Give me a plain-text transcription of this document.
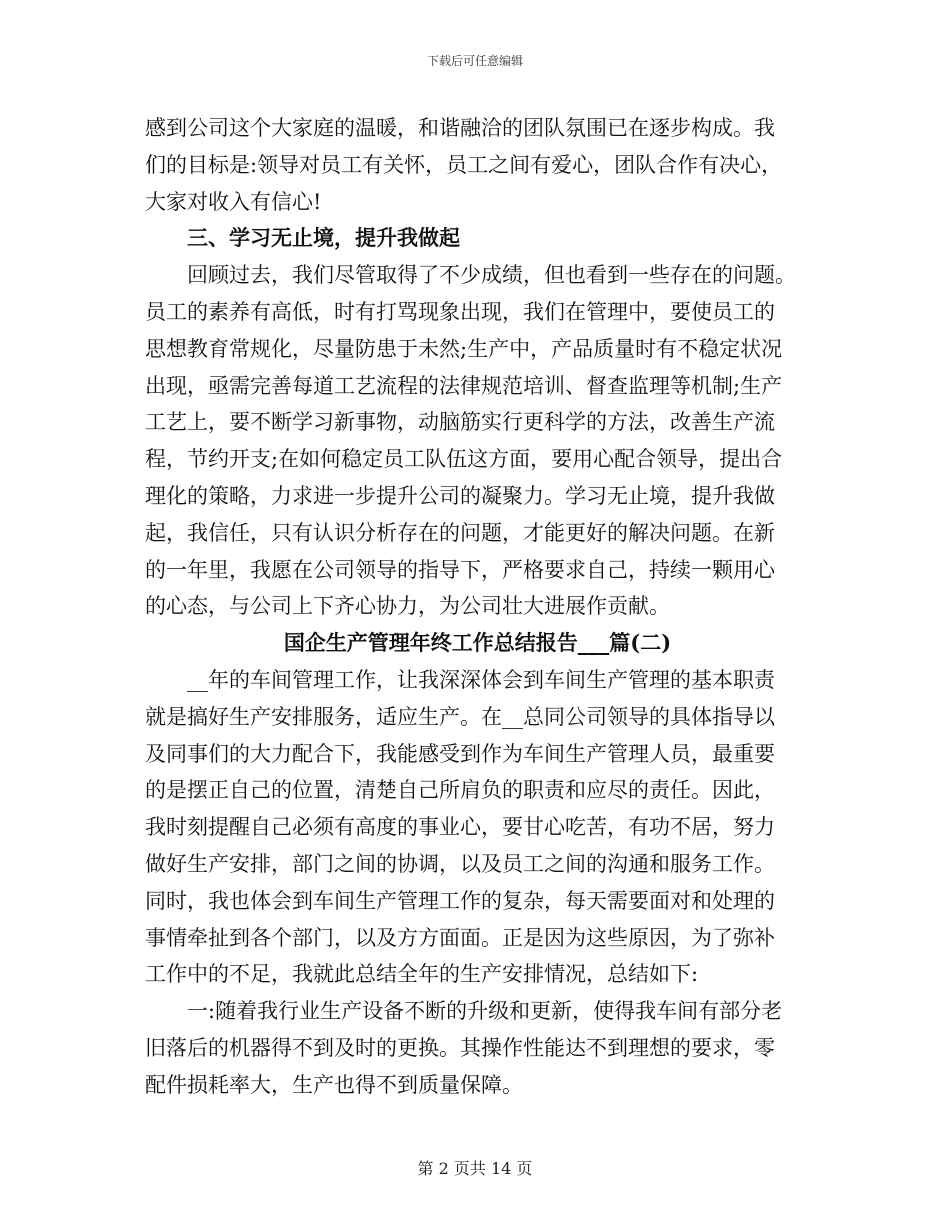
下载后可任意编辑
感到公司这个大家庭的温暖，和谐融洽的团队氛围已在逐步构成。我
们的目标是:领导对员工有关怀，员工之间有爱心，团队合作有决心，
大家对收入有信心!
三、学习无止境，提升我做起
回顾过去，我们尽管取得了不少成绩，但也看到一些存在的问题。
员工的素养有高低，时有打骂现象出现，我们在管理中，要使员工的
思想教育常规化，尽量防患于未然;生产中，产品质量时有不稳定状况
出现，亟需完善每道工艺流程的法律规范培训、督查监理等机制;生产
工艺上，要不断学习新事物，动脑筋实行更科学的方法，改善生产流
程，节约开支;在如何稳定员工队伍这方面，要用心配合领导，提出合
理化的策略，力求进一步提升公司的凝聚力。学习无止境，提升我做
起，我信任，只有认识分析存在的问题，才能更好的解决问题。在新
的一年里，我愿在公司领导的指导下，严格要求自己，持续一颗用心
的心态，与公司上下齐心协力，为公司壮大进展作贡献。
国企生产管理年终工作总结报告___篇(二)
__年的车间管理工作，让我深深体会到车间生产管理的基本职责
就是搞好生产安排服务，适应生产。在__总同公司领导的具体指导以
及同事们的大力配合下，我能感受到作为车间生产管理人员，最重要
的是摆正自己的位置，清楚自己所肩负的职责和应尽的责任。因此，
我时刻提醒自己必须有高度的事业心，要甘心吃苦，有功不居，努力
做好生产安排，部门之间的协调，以及员工之间的沟通和服务工作。
同时，我也体会到车间生产管理工作的复杂，每天需要面对和处理的
事情牵扯到各个部门，以及方方面面。正是因为这些原因，为了弥补
工作中的不足，我就此总结全年的生产安排情况，总结如下:
一:随着我行业生产设备不断的升级和更新，使得我车间有部分老
旧落后的机器得不到及时的更换。其操作性能达不到理想的要求，零
配件损耗率大，生产也得不到质量保障。
第 2 页共 14 页
